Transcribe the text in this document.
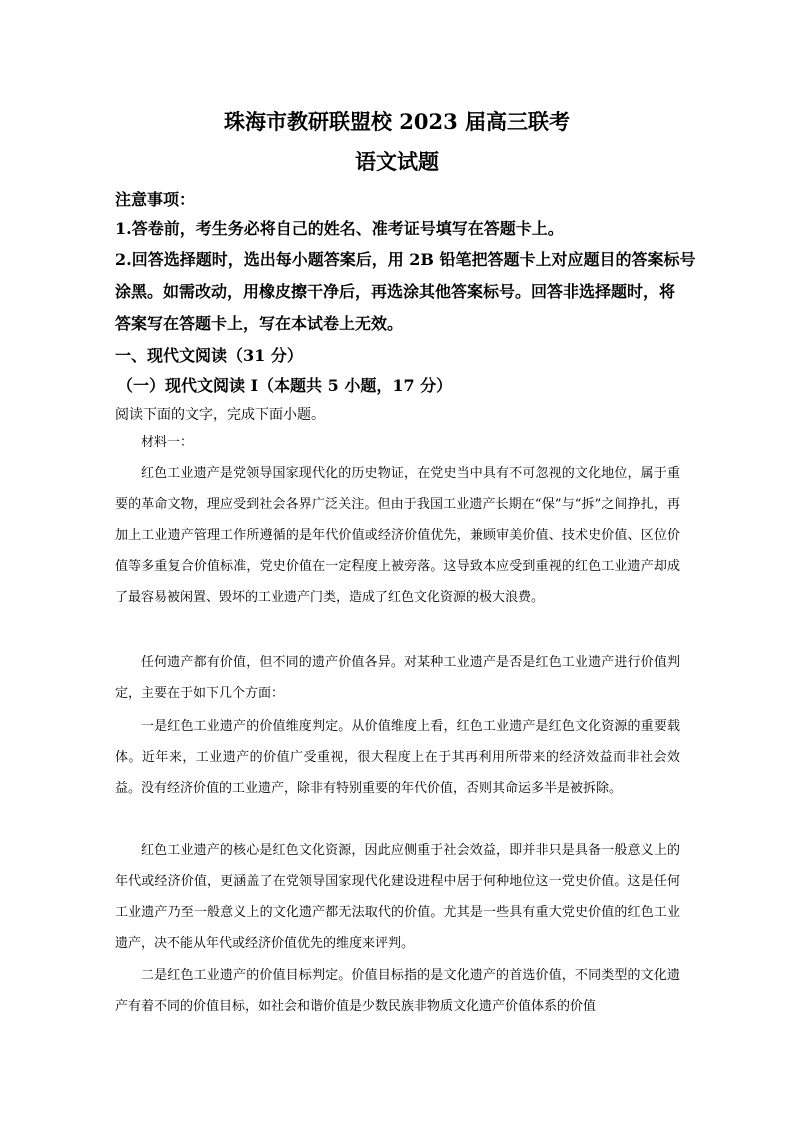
珠海市教研联盟校 2023 届高三联考
语文试题
注意事项：
1.答卷前，考生务必将自己的姓名、准考证号填写在答题卡上。
2.回答选择题时，选出每小题答案后，用 2B 铅笔把答题卡上对应题目的答案标号
涂黑。如需改动，用橡皮擦干净后，再选涂其他答案标号。回答非选择题时，将
答案写在答题卡上，写在本试卷上无效。
一、现代文阅读（31 分）
（一）现代文阅读 I（本题共 5 小题，17 分）
阅读下面的文字，完成下面小题。
材料一：
红色工业遗产是党领导国家现代化的历史物证，在党史当中具有不可忽视的文化地位，属于重要的革命文物，理应受到社会各界广泛关注。但由于我国工业遗产长期在“保”与“拆”之间挣扎，再加上工业遗产管理工作所遵循的是年代价值或经济价值优先，兼顾审美价值、技术史价值、区位价值等多重复合价值标准，党史价值在一定程度上被旁落。这导致本应受到重视的红色工业遗产却成了最容易被闲置、毁坏的工业遗产门类，造成了红色文化资源的极大浪费。
任何遗产都有价值，但不同的遗产价值各异。对某种工业遗产是否是红色工业遗产进行价值判定，主要在于如下几个方面：
一是红色工业遗产的价值维度判定。从价值维度上看，红色工业遗产是红色文化资源的重要载体。近年来，工业遗产的价值广受重视，很大程度上在于其再利用所带来的经济效益而非社会效益。没有经济价值的工业遗产，除非有特别重要的年代价值，否则其命运多半是被拆除。
红色工业遗产的核心是红色文化资源，因此应侧重于社会效益，即并非只是具备一般意义上的年代或经济价值，更涵盖了在党领导国家现代化建设进程中居于何种地位这一党史价值。这是任何工业遗产乃至一般意义上的文化遗产都无法取代的价值。尤其是一些具有重大党史价值的红色工业遗产，决不能从年代或经济价值优先的维度来评判。
二是红色工业遗产的价值目标判定。价值目标指的是文化遗产的首选价值，不同类型的文化遗产有着不同的价值目标，如社会和谐价值是少数民族非物质文化遗产价值体系的价值
